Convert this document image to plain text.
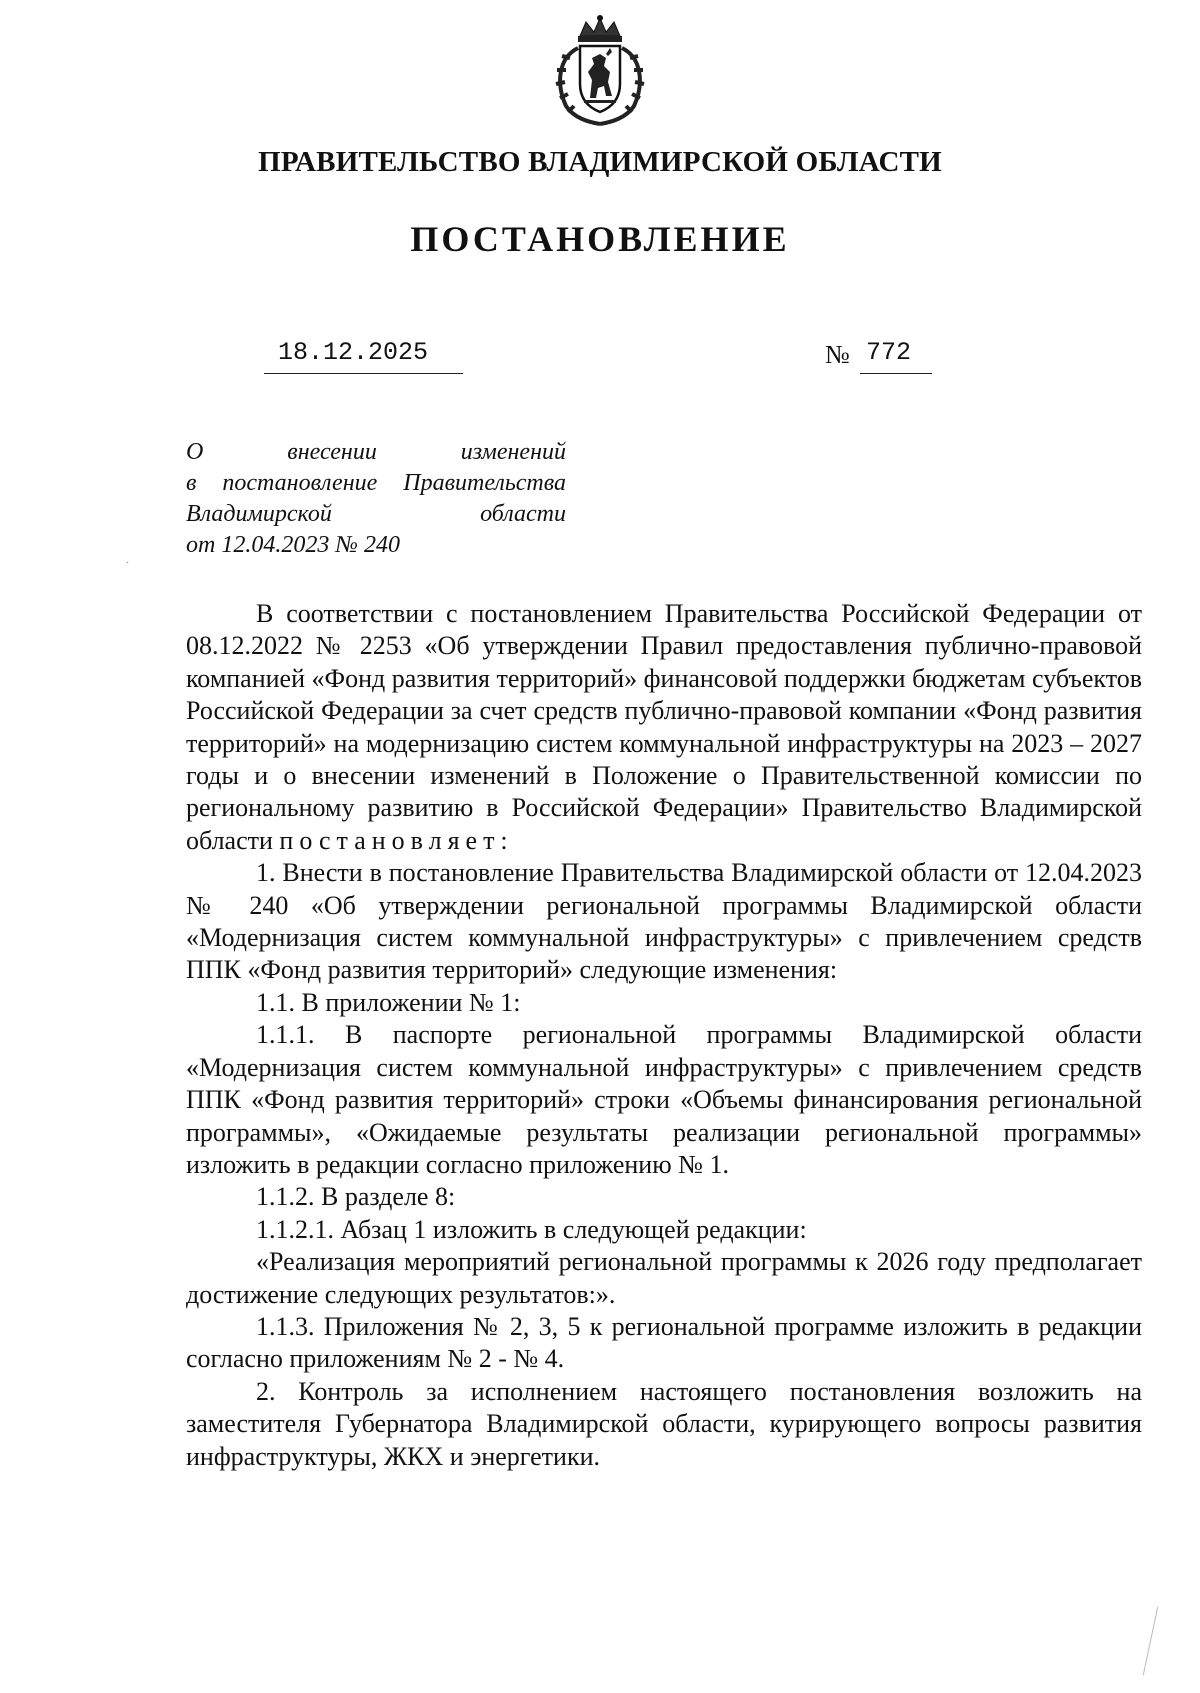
ПРАВИТЕЛЬСТВО ВЛАДИМИРСКОЙ ОБЛАСТИ
ПОСТАНОВЛЕНИЕ
18.12.2025	№ 772
О	внесении	изменений
в постановление Правительства
Владимирской	области
от 12.04.2023 № 240

В соответствии с постановлением Правительства Российской Федерации от 08.12.2022 № 2253 «Об утверждении Правил предоставления публично-правовой компанией «Фонд развития территорий» финансовой поддержки бюджетам субъектов Российской Федерации за счет средств публично-правовой компании «Фонд развития территорий» на модернизацию систем коммунальной инфраструктуры на 2023 – 2027 годы и о внесении изменений в Положение о Правительственной комиссии по региональному развитию в Российской Федерации» Правительство Владимирской области постановляет:

1. Внести в постановление Правительства Владимирской области от 12.04.2023 № 240 «Об утверждении региональной программы Владимирской области «Модернизация систем коммунальной инфраструктуры» с привлечением средств ППК «Фонд развития территорий» следующие изменения:

1.1. В приложении № 1:

1.1.1. В паспорте региональной программы Владимирской области «Модернизация систем коммунальной инфраструктуры» с привлечением средств ППК «Фонд развития территорий» строки «Объемы финансирования региональной программы», «Ожидаемые результаты реализации региональной программы» изложить в редакции согласно приложению № 1.

1.1.2. В разделе 8:

1.1.2.1. Абзац 1 изложить в следующей редакции:

«Реализация мероприятий региональной программы к 2026 году предполагает достижение следующих результатов:».

1.1.3. Приложения № 2, 3, 5 к региональной программе изложить в редакции согласно приложениям № 2 - № 4.

2. Контроль за исполнением настоящего постановления возложить на заместителя Губернатора Владимирской области, курирующего вопросы развития инфраструктуры, ЖКХ и энергетики.

·
